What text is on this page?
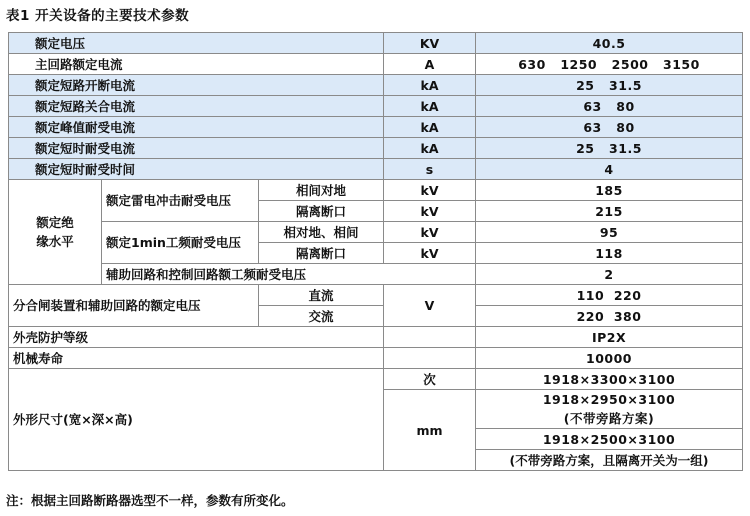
表1 开关设备的主要技术参数
额定电压			KV	40.5
主回路额定电流			A	630   1250   2500   3150
额定短路开断电流			kA	25   31.5
额定短路关合电流			kA	63   80
额定峰值耐受电流			kA	63   80
额定短时耐受电流			kA	25   31.5
额定短时耐受时间			s	4
额定绝
缘水平	额定雷电冲击耐受电压	相间对地	kV	185
		隔离断口	kV	215
	额定1min工频耐受电压	相对地、相间	kV	95
		隔离断口	kV	118
	辅助回路和控制回路额工频耐受电压			2
分合闸装置和辅助回路的额定电压		直流	V	110  220
		交流		220  380
外壳防护等级				IP2X
机械寿命				10000
外形尺寸(宽×深×高)			次	1918×3300×3100
			mm	1918×2950×3100
(不带旁路方案)
				1918×2500×3100
				(不带旁路方案，且隔离开关为一组)
注：根据主回路断路器选型不一样，参数有所变化。
